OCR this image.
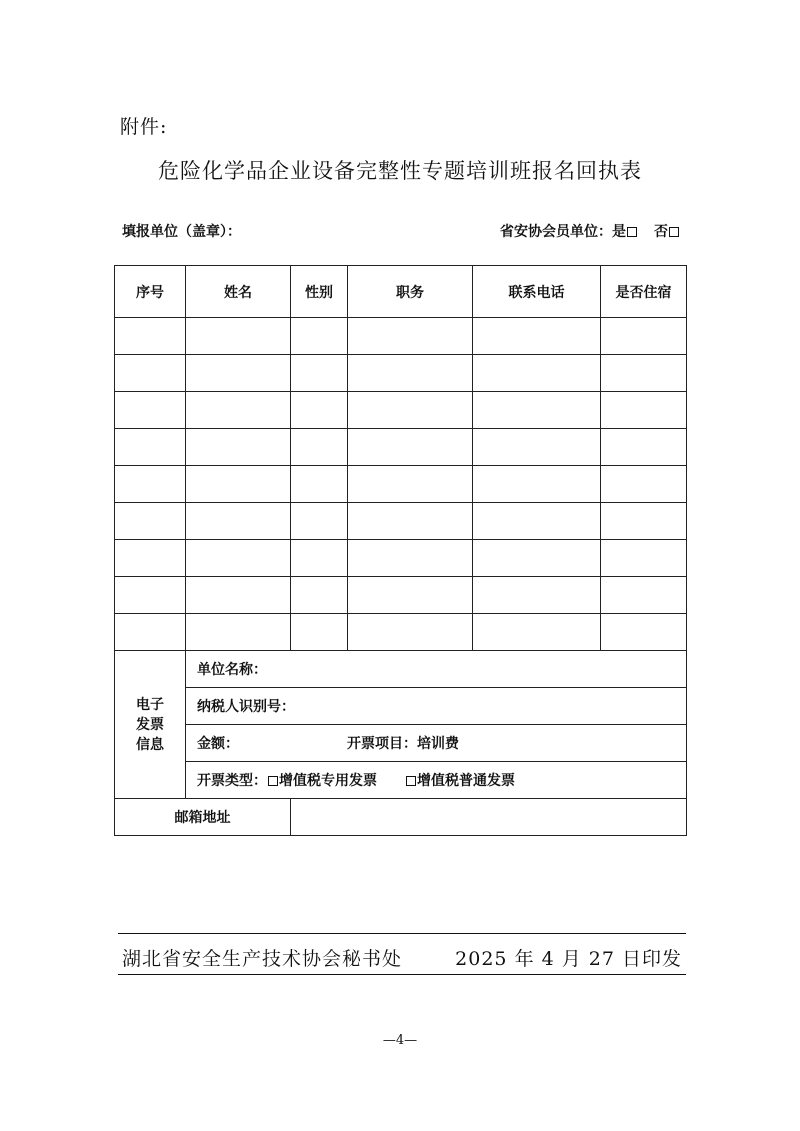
附件:
危险化学品企业设备完整性专题培训班报名回执表
填报单位（盖章）：	省安协会员单位：是 否
序号	姓名	性别	职务	联系电话	是否住宿

电子
发票
信息	单位名称：				
	纳税人识别号：				
	金额： 开票项目：培训费				
	开票类型： 增值税专用发票 增值税普通发票				
邮箱地址					
湖北省安全生产技术协会秘书处	2025 年 4 月 27 日印发
—4—
